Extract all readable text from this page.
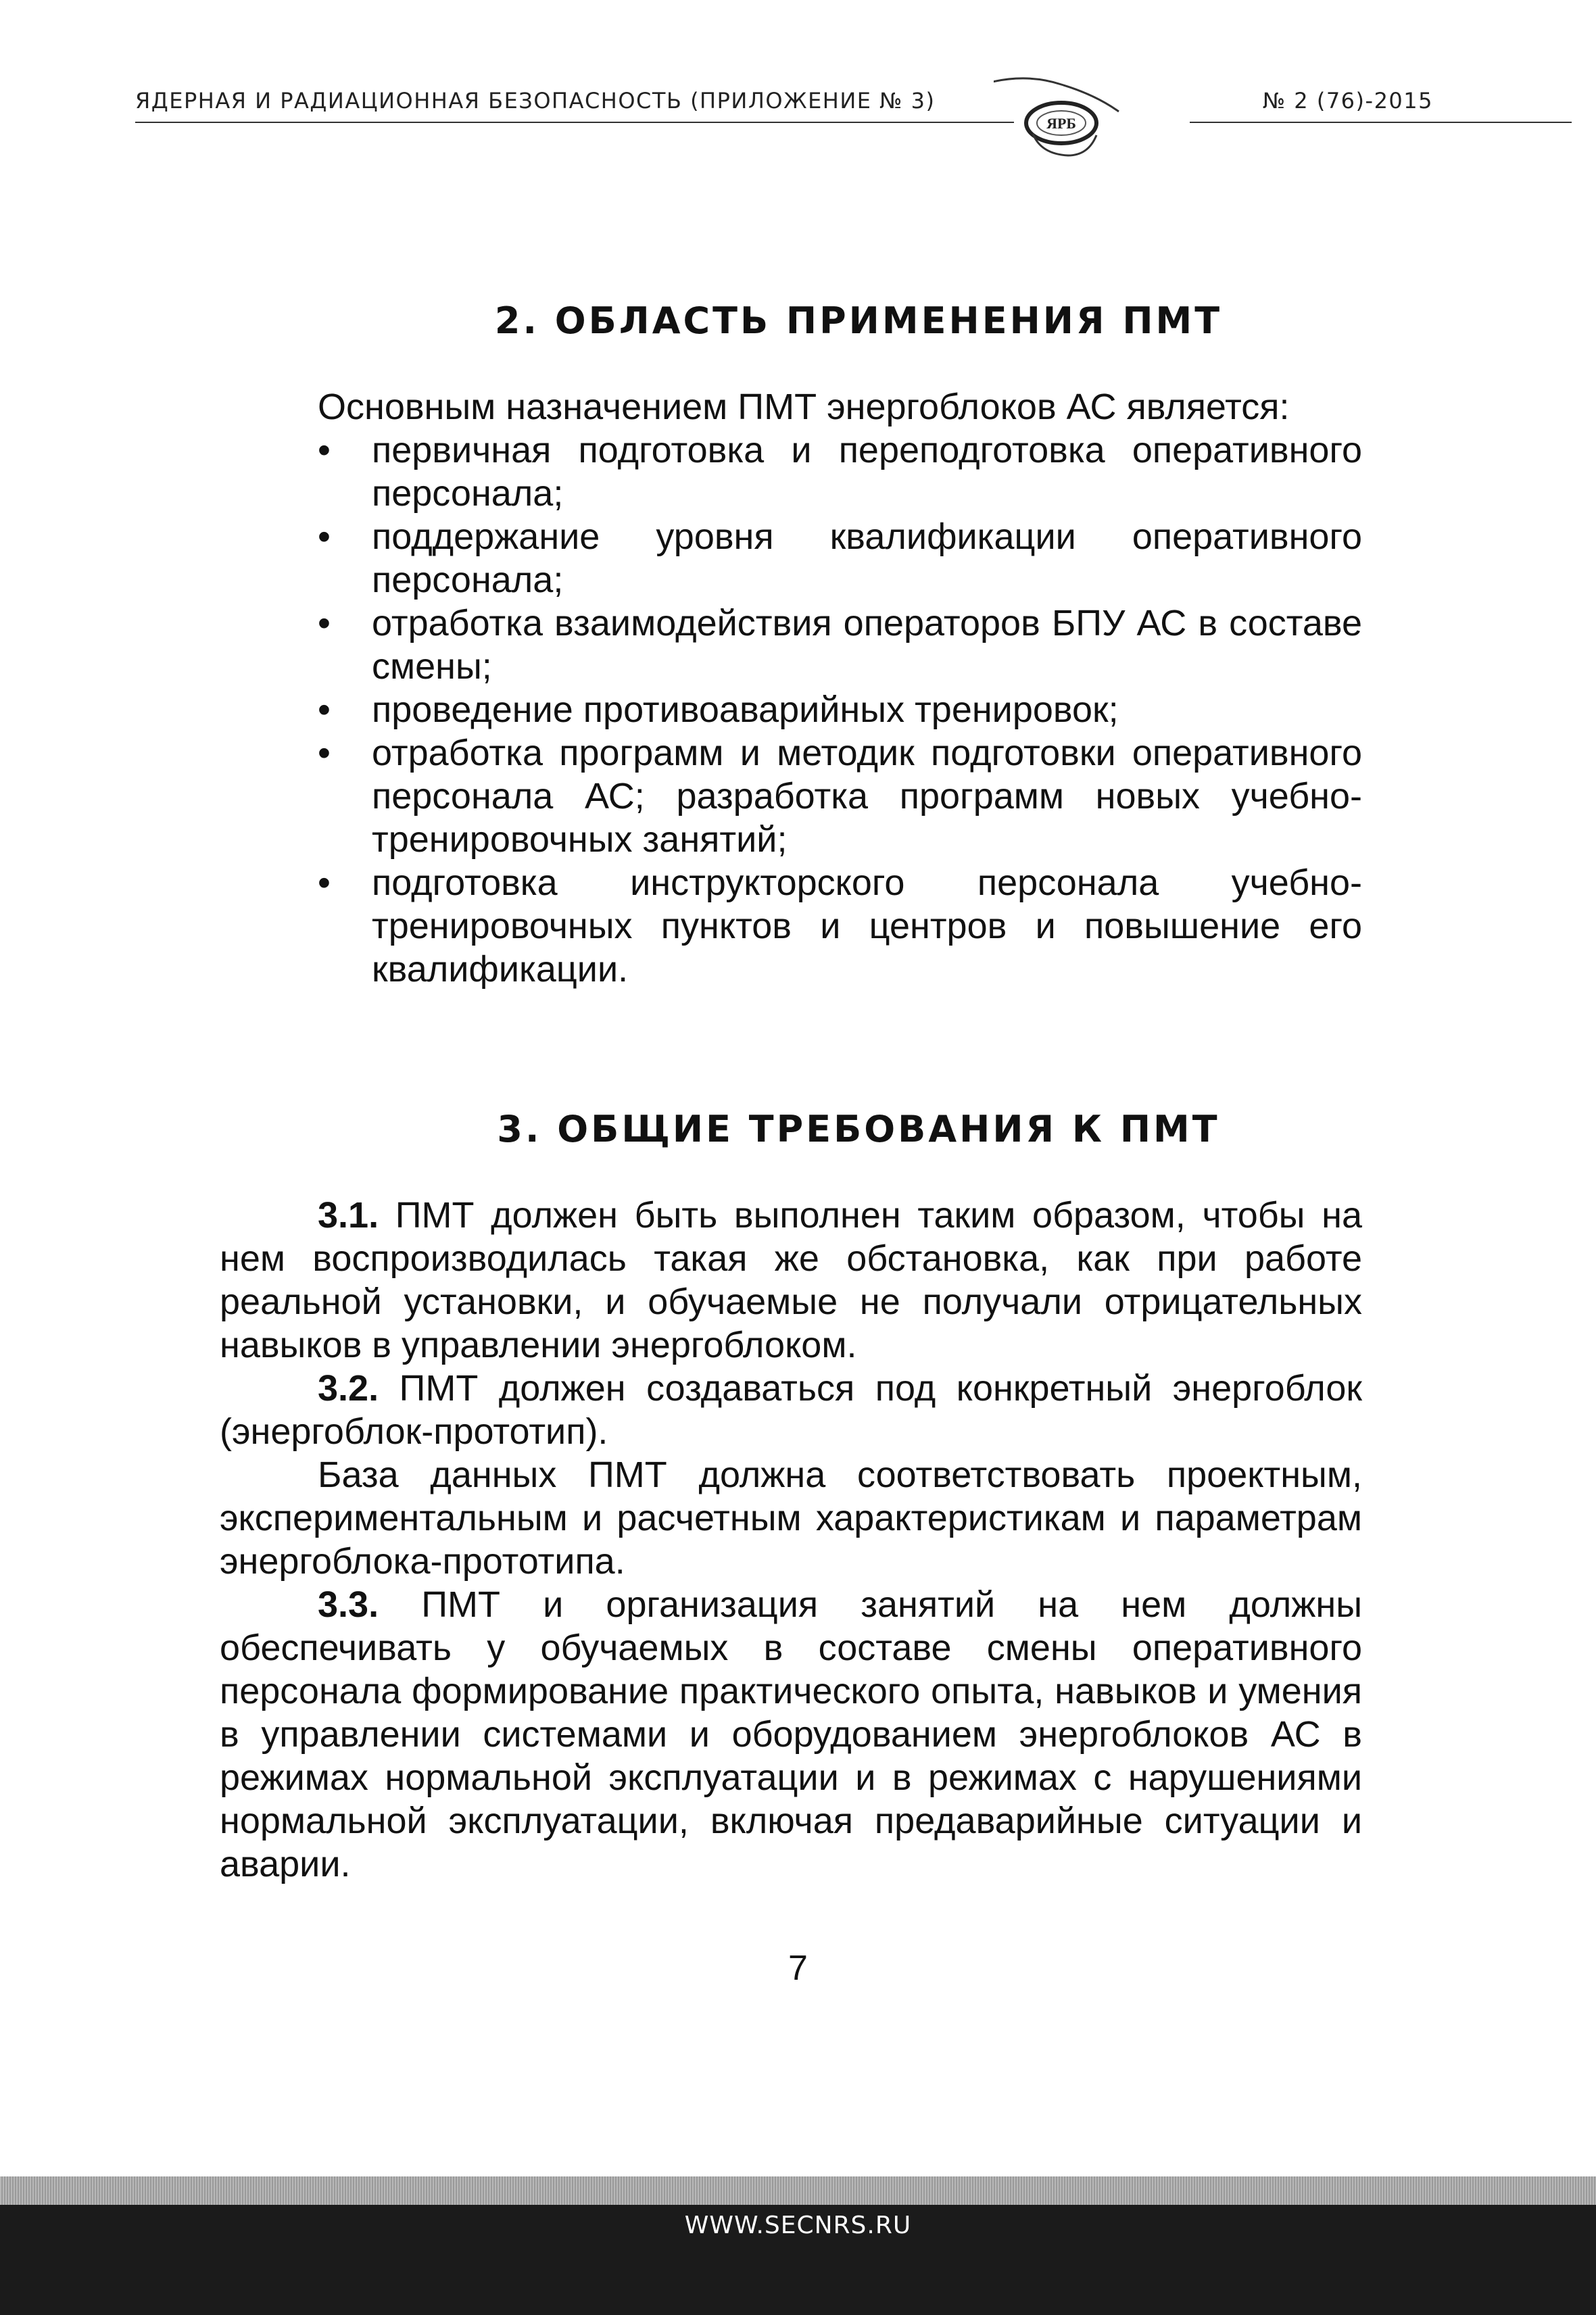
ЯДЕРНАЯ И РАДИАЦИОННАЯ БЕЗОПАСНОСТЬ (ПРИЛОЖЕНИЕ № 3)	№ 2 (76)-2015
ЯРБ
2. ОБЛАСТЬ ПРИМЕНЕНИЯ ПМТ

Основным назначением ПМТ энергоблоков АС является:

• первичная подготовка и переподготовка оперативного персонала;
• поддержание уровня квалификации оперативного персонала;
• отработка взаимодействия операторов БПУ АС в составе смены;
• проведение противоаварийных тренировок;
• отработка программ и методик подготовки оперативного персонала АС; разработка программ новых учебно-тренировочных занятий;
• подготовка инструкторского персонала учебно-тренировочных пунктов и центров и повышение его квалификации.
3. ОБЩИЕ ТРЕБОВАНИЯ К ПМТ

3.1. ПМТ должен быть выполнен таким образом, чтобы на нем воспроизводилась такая же обстановка, как при работе реальной установки, и обучаемые не получали отрицательных навыков в управлении энергоблоком.

3.2. ПМТ должен создаваться под конкретный энергоблок (энергоблок-прототип).

База данных ПМТ должна соответствовать проектным, экспериментальным и расчетным характеристикам и параметрам энергоблока-прототипа.

3.3. ПМТ и организация занятий на нем должны обеспечивать у обучаемых в составе смены оперативного персонала формирование практического опыта, навыков и умения в управлении системами и оборудованием энергоблоков АС в режимах нормальной эксплуатации и в режимах с нарушениями нормальной эксплуатации, включая предаварийные ситуации и аварии.

7
WWW.SECNRS.RU
